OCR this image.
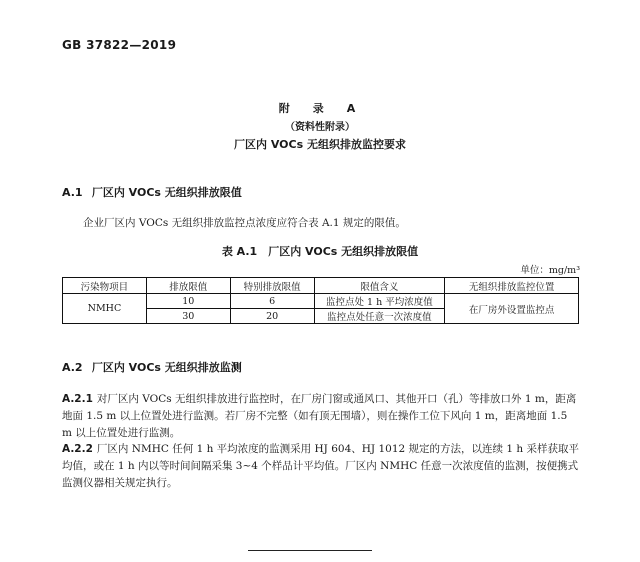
GB 37822—2019
附　录　A
（资料性附录）
厂区内 VOCs 无组织排放监控要求
A.1 厂区内 VOCs 无组织排放限值
企业厂区内 VOCs 无组织排放监控点浓度应符合表 A.1 规定的限值。
表 A.1　厂区内 VOCs 无组织排放限值
单位：mg/m³
污染物项目	排放限值	特别排放限值	限值含义	无组织排放监控位置
NMHC	10	6	监控点处 1 h 平均浓度值	在厂房外设置监控点
	30	20	监控点处任意一次浓度值	
A.2 厂区内 VOCs 无组织排放监测
A.2.1 对厂区内 VOCs 无组织排放进行监控时，在厂房门窗或通风口、其他开口（孔）等排放口外 1 m，距离地面 1.5 m 以上位置处进行监测。若厂房不完整（如有顶无围墙），则在操作工位下风向 1 m，距离地面 1.5 m 以上位置处进行监测。
A.2.2 厂区内 NMHC 任何 1 h 平均浓度的监测采用 HJ 604、HJ 1012 规定的方法，以连续 1 h 采样获取平均值，或在 1 h 内以等时间间隔采集 3~4 个样品计平均值。厂区内 NMHC 任意一次浓度值的监测，按便携式监测仪器相关规定执行。
